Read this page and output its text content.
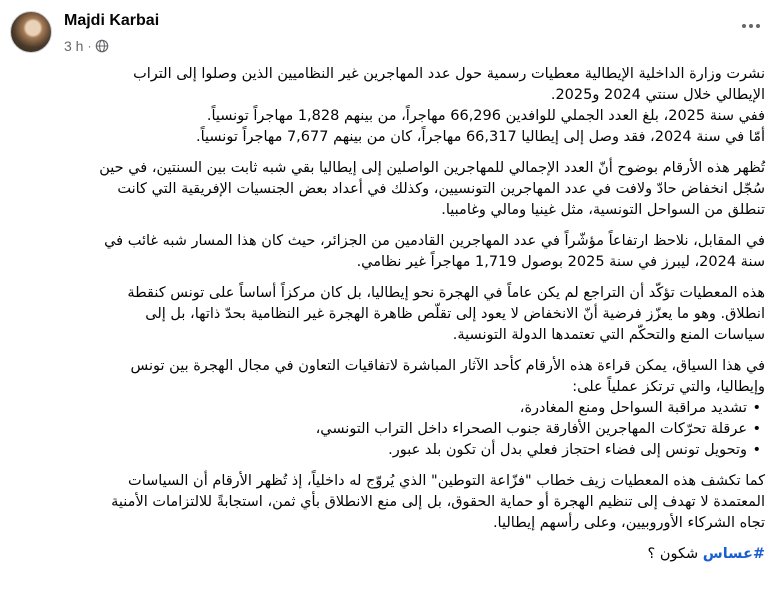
Majdi Karbai
3 h ·

نشرت وزارة الداخلية الإيطالية معطيات رسمية حول عدد المهاجرين غير النظاميين الذين وصلوا إلى التراب
الإيطالي خلال سنتي 2024 و2025.
ففي سنة 2025، بلغ العدد الجملي للوافدين 66,296 مهاجراً، من بينهم 1,828 مهاجراً تونسياً.
أمّا في سنة 2024، فقد وصل إلى إيطاليا 66,317 مهاجراً، كان من بينهم 7,677 مهاجراً تونسياً.

تُظهر هذه الأرقام بوضوح أنّ العدد الإجمالي للمهاجرين الواصلين إلى إيطاليا بقي شبه ثابت بين السنتين، في حين
سُجّل انخفاض حادّ ولافت في عدد المهاجرين التونسيين، وكذلك في أعداد بعض الجنسيات الإفريقية التي كانت
تنطلق من السواحل التونسية، مثل غينيا ومالي وغامبيا.

في المقابل، نلاحظ ارتفاعاً مؤشّراً في عدد المهاجرين القادمين من الجزائر، حيث كان هذا المسار شبه غائب في
سنة 2024، ليبرز في سنة 2025 بوصول 1,719 مهاجراً غير نظامي.

هذه المعطيات تؤكّد أن التراجع لم يكن عاماً في الهجرة نحو إيطاليا، بل كان مركزاً أساساً على تونس كنقطة
انطلاق. وهو ما يعزّز فرضية أنّ الانخفاض لا يعود إلى تقلّص ظاهرة الهجرة غير النظامية بحدّ ذاتها، بل إلى
سياسات المنع والتحكّم التي تعتمدها الدولة التونسية.

في هذا السياق، يمكن قراءة هذه الأرقام كأحد الآثار المباشرة لاتفاقيات التعاون في مجال الهجرة بين تونس
وإيطاليا، والتي ترتكز عملياً على:
• تشديد مراقبة السواحل ومنع المغادرة،
• عرقلة تحرّكات المهاجرين الأفارقة جنوب الصحراء داخل التراب التونسي،
• وتحويل تونس إلى فضاء احتجاز فعلي بدل أن تكون بلد عبور.

كما تكشف هذه المعطيات زيف خطاب "فزّاعة التوطين" الذي يُروّج له داخلياً، إذ تُظهر الأرقام أن السياسات
المعتمدة لا تهدف إلى تنظيم الهجرة أو حماية الحقوق، بل إلى منع الانطلاق بأي ثمن، استجابةً للالتزامات الأمنية
تجاه الشركاء الأوروبيين، وعلى رأسهم إيطاليا.

#عساس شكون ؟
